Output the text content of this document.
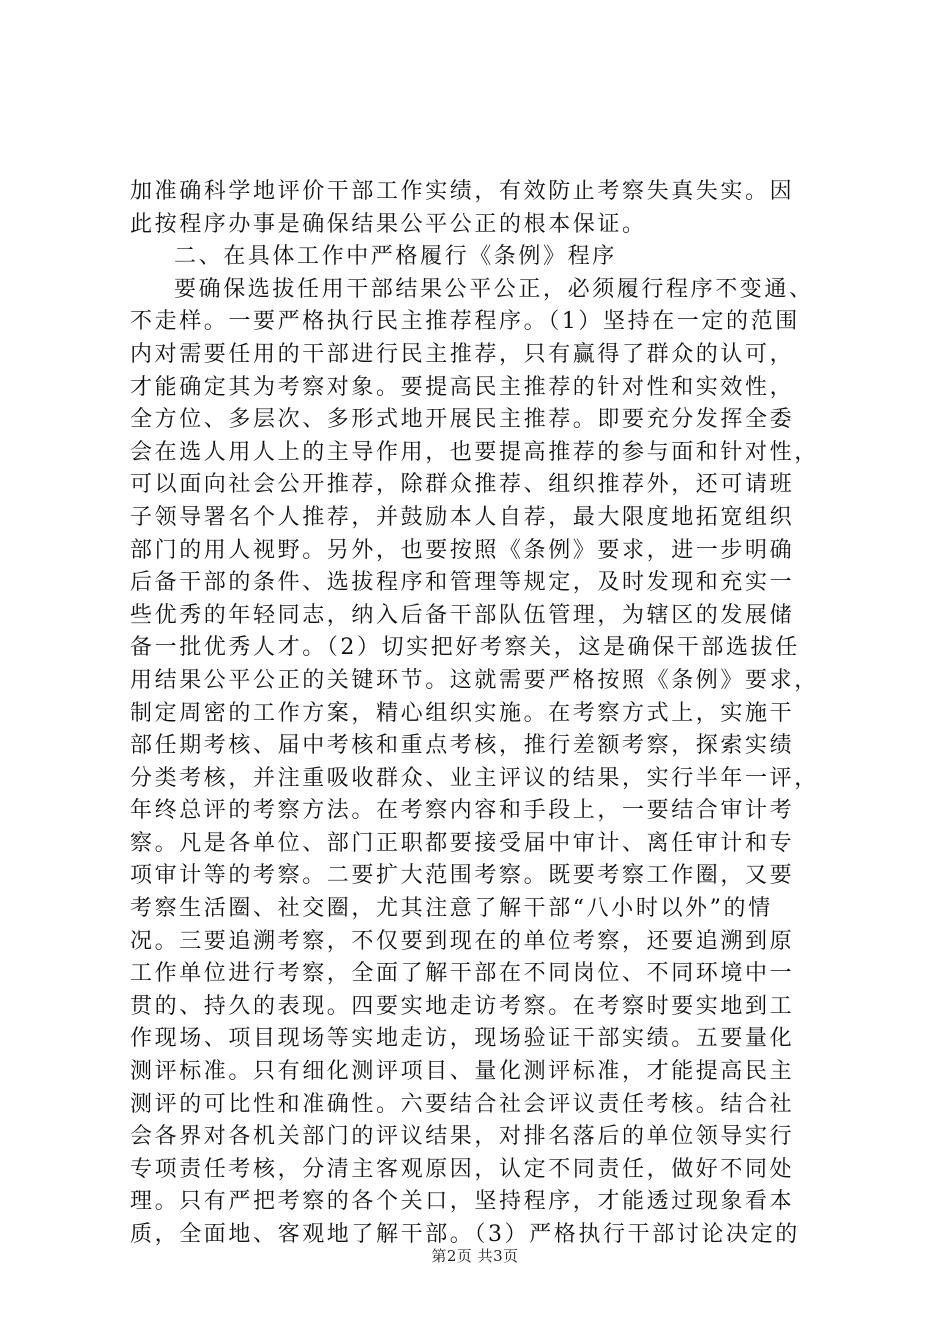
加准确科学地评价干部工作实绩，有效防止考察失真失实。因
此按程序办事是确保结果公平公正的根本保证。
二、在具体工作中严格履行《条例》程序
要确保选拔任用干部结果公平公正，必须履行程序不变通、
不走样。一要严格执行民主推荐程序。（1）坚持在一定的范围
内对需要任用的干部进行民主推荐，只有赢得了群众的认可，
才能确定其为考察对象。要提高民主推荐的针对性和实效性，
全方位、多层次、多形式地开展民主推荐。即要充分发挥全委
会在选人用人上的主导作用，也要提高推荐的参与面和针对性，
可以面向社会公开推荐，除群众推荐、组织推荐外，还可请班
子领导署名个人推荐，并鼓励本人自荐，最大限度地拓宽组织
部门的用人视野。另外，也要按照《条例》要求，进一步明确
后备干部的条件、选拔程序和管理等规定，及时发现和充实一
些优秀的年轻同志，纳入后备干部队伍管理，为辖区的发展储
备一批优秀人才。（2）切实把好考察关，这是确保干部选拔任
用结果公平公正的关键环节。这就需要严格按照《条例》要求，
制定周密的工作方案，精心组织实施。在考察方式上，实施干
部任期考核、届中考核和重点考核，推行差额考察，探索实绩
分类考核，并注重吸收群众、业主评议的结果，实行半年一评，
年终总评的考察方法。在考察内容和手段上，一要结合审计考
察。凡是各单位、部门正职都要接受届中审计、离任审计和专
项审计等的考察。二要扩大范围考察。既要考察工作圈，又要
考察生活圈、社交圈，尤其注意了解干部“八小时以外”的情
况。三要追溯考察，不仅要到现在的单位考察，还要追溯到原
工作单位进行考察，全面了解干部在不同岗位、不同环境中一
贯的、持久的表现。四要实地走访考察。在考察时要实地到工
作现场、项目现场等实地走访，现场验证干部实绩。五要量化
测评标准。只有细化测评项目、量化测评标准，才能提高民主
测评的可比性和准确性。六要结合社会评议责任考核。结合社
会各界对各机关部门的评议结果，对排名落后的单位领导实行
专项责任考核，分清主客观原因，认定不同责任，做好不同处
理。只有严把考察的各个关口，坚持程序，才能透过现象看本
质，全面地、客观地了解干部。（3）严格执行干部讨论决定的
第2页 共3页
